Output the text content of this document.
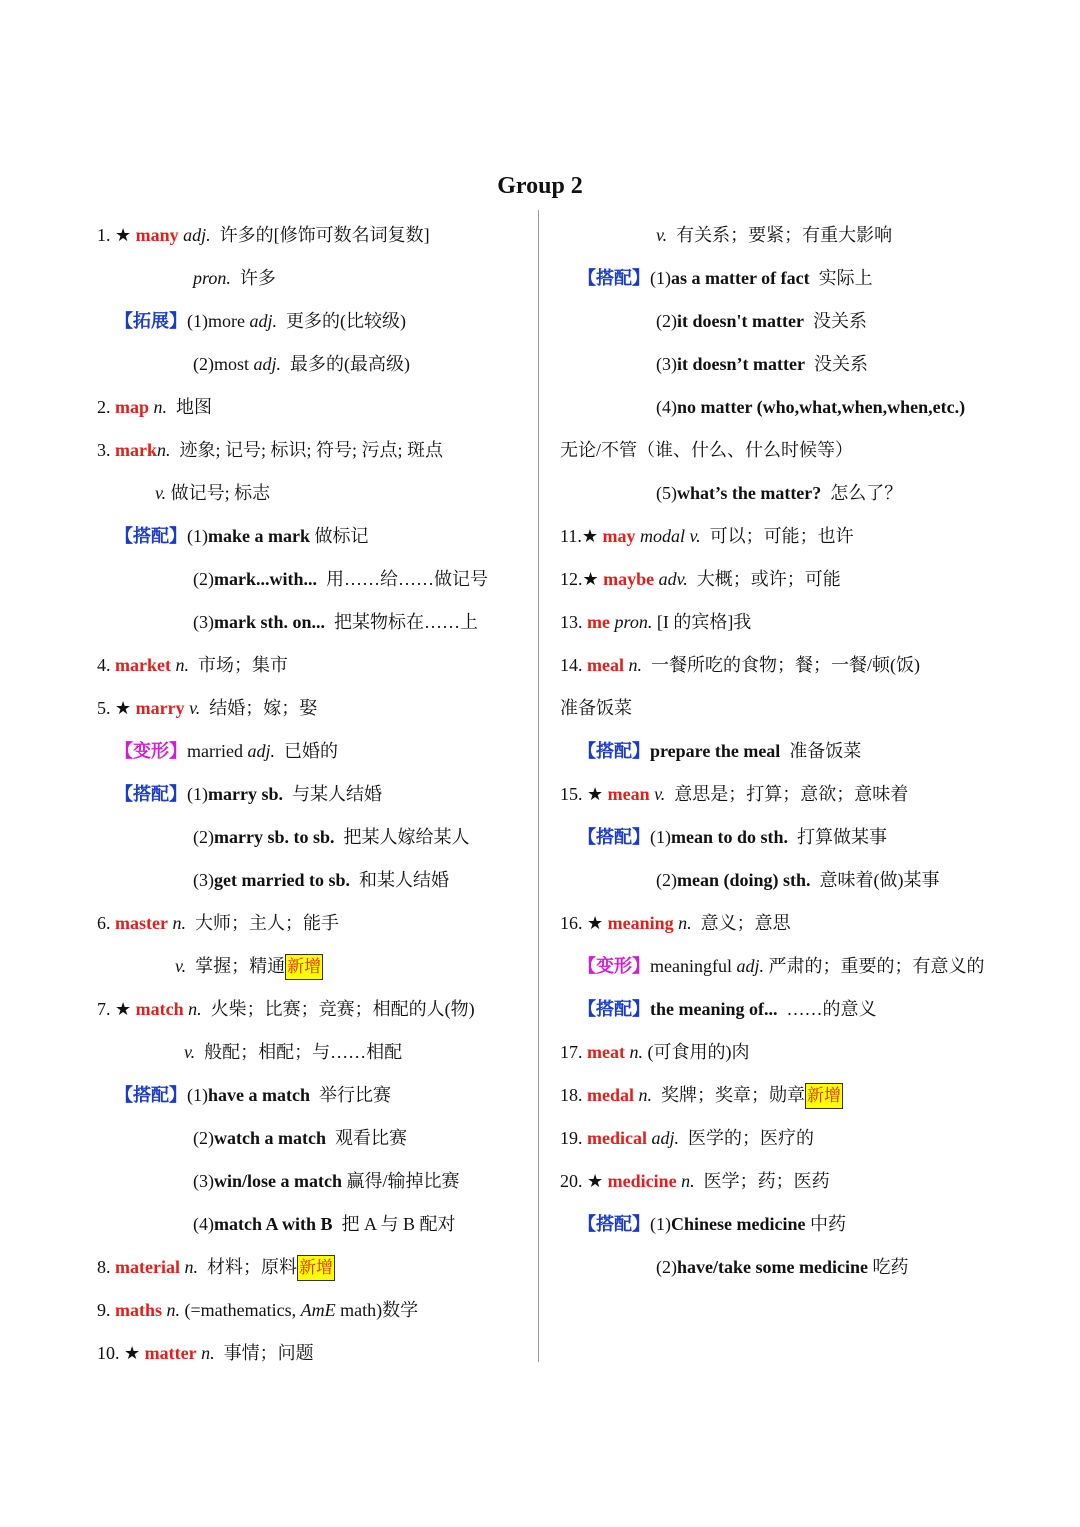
Group 2
1. ★ many adj. 许多的[修饰可数名词复数]
pron. 许多
【拓展】(1)more adj. 更多的(比较级)
(2)most adj. 最多的(最高级)
2. map n. 地图
3. markn. 迹象; 记号; 标识; 符号; 污点; 斑点
v. 做记号; 标志
【搭配】(1)make a mark 做标记
(2)mark...with... 用……给……做记号
(3)mark sth. on... 把某物标在……上
4. market n. 市场；集市
5. ★ marry v. 结婚；嫁；娶
【变形】married adj. 已婚的
【搭配】(1)marry sb. 与某人结婚
(2)marry sb. to sb. 把某人嫁给某人
(3)get married to sb. 和某人结婚
6. master n. 大师；主人；能手
v. 掌握；精通 新增
7. ★ match n. 火柴；比赛；竞赛；相配的人(物)
v. 般配；相配；与……相配
【搭配】(1)have a match 举行比赛
(2)watch a match 观看比赛
(3)win/lose a match 赢得/输掉比赛
(4)match A with B 把 A 与 B 配对
8. material n. 材料；原料 新增
9. maths n. (=mathematics, AmE math)数学
10. ★ matter n. 事情；问题
v. 有关系；要紧；有重大影响
【搭配】(1)as a matter of fact 实际上
(2)it doesn't matter 没关系
(3)it doesn’t matter 没关系
(4)no matter (who,what,when,when,etc.)
无论/不管（谁、什么、什么时候等）
(5)what’s the matter? 怎么了？
11.★ may modal v. 可以；可能；也许
12.★ maybe adv. 大概；或许；可能
13. me pron. [I 的宾格]我
14. meal n. 一餐所吃的食物；餐；一餐/顿(饭)
准备饭菜
【搭配】prepare the meal 准备饭菜
15. ★ mean v. 意思是；打算；意欲；意味着
【搭配】(1)mean to do sth. 打算做某事
(2)mean (doing) sth. 意味着(做)某事
16. ★ meaning n. 意义；意思
【变形】meaningful adj. 严肃的；重要的；有意义的
【搭配】the meaning of... ……的意义
17. meat n. (可食用的)肉
18. medal n. 奖牌；奖章；勋章 新增
19. medical adj. 医学的；医疗的
20. ★ medicine n. 医学；药；医药
【搭配】(1)Chinese medicine 中药
(2)have/take some medicine 吃药
